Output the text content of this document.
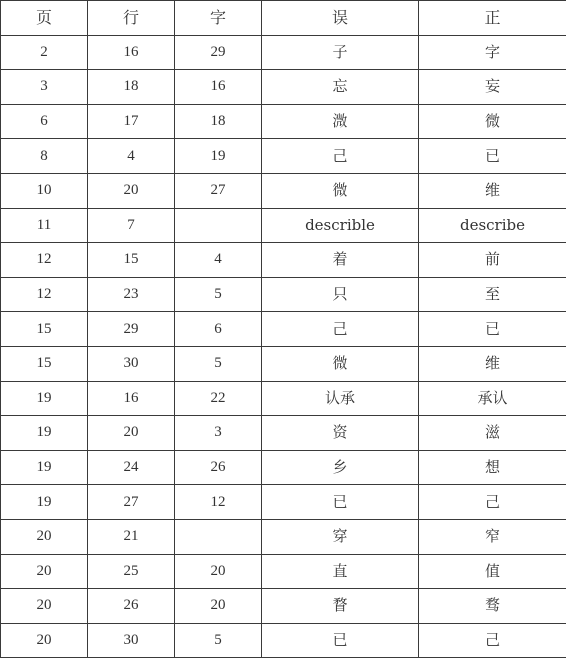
页	行	字	误	正
2	16	29	子	字
3	18	16	忘	妄
6	17	18	溦	微
8	4	19	己	已
10	20	27	微	维
11	7		describle	describe
12	15	4	着	前
12	23	5	只	至
15	29	6	己	已
15	30	5	微	维
19	16	22	认承	承认
19	20	3	资	滋
19	24	26	乡	想
19	27	12	已	己
20	21		穿	窄
20	25	20	直	值
20	26	20	瞀	骛
20	30	5	已	己
